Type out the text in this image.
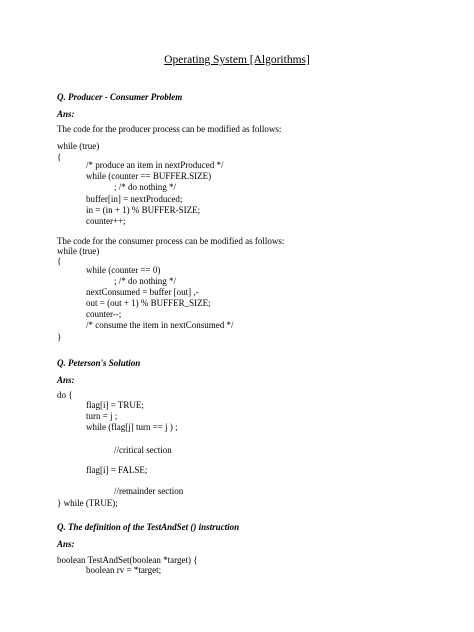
Operating System [Algorithms]
Q. Producer - Consumer Problem
Ans:
The code for the producer process can be modified as follows:
while (true)
{
/* produce an item in nextProduced */
while (counter == BUFFER.SIZE)
; /* do nothing */
buffer[in] = nextProduced;
in = (in + 1) % BUFFER-SIZE;
counter++;
The code for the consumer process can be modified as follows:
while (true)
{
while (counter == 0)
; /* do nothing */
nextConsumed = buffer [out] ,-
out = (out + 1) % BUFFER_SIZE;
counter--;
/* consume the item in nextConsumed */
}
Q. Peterson's Solution
Ans:
do {
flag[i] = TRUE;
turn = j ;
while (flag[j] turn == j ) ;
//critical section
flag[i] = FALSE;
//remainder section
} while (TRUE);
Q. The definition of the TestAndSet () instruction
Ans:
boolean TestAndSet(boolean *target) {
boolean rv = *target;
